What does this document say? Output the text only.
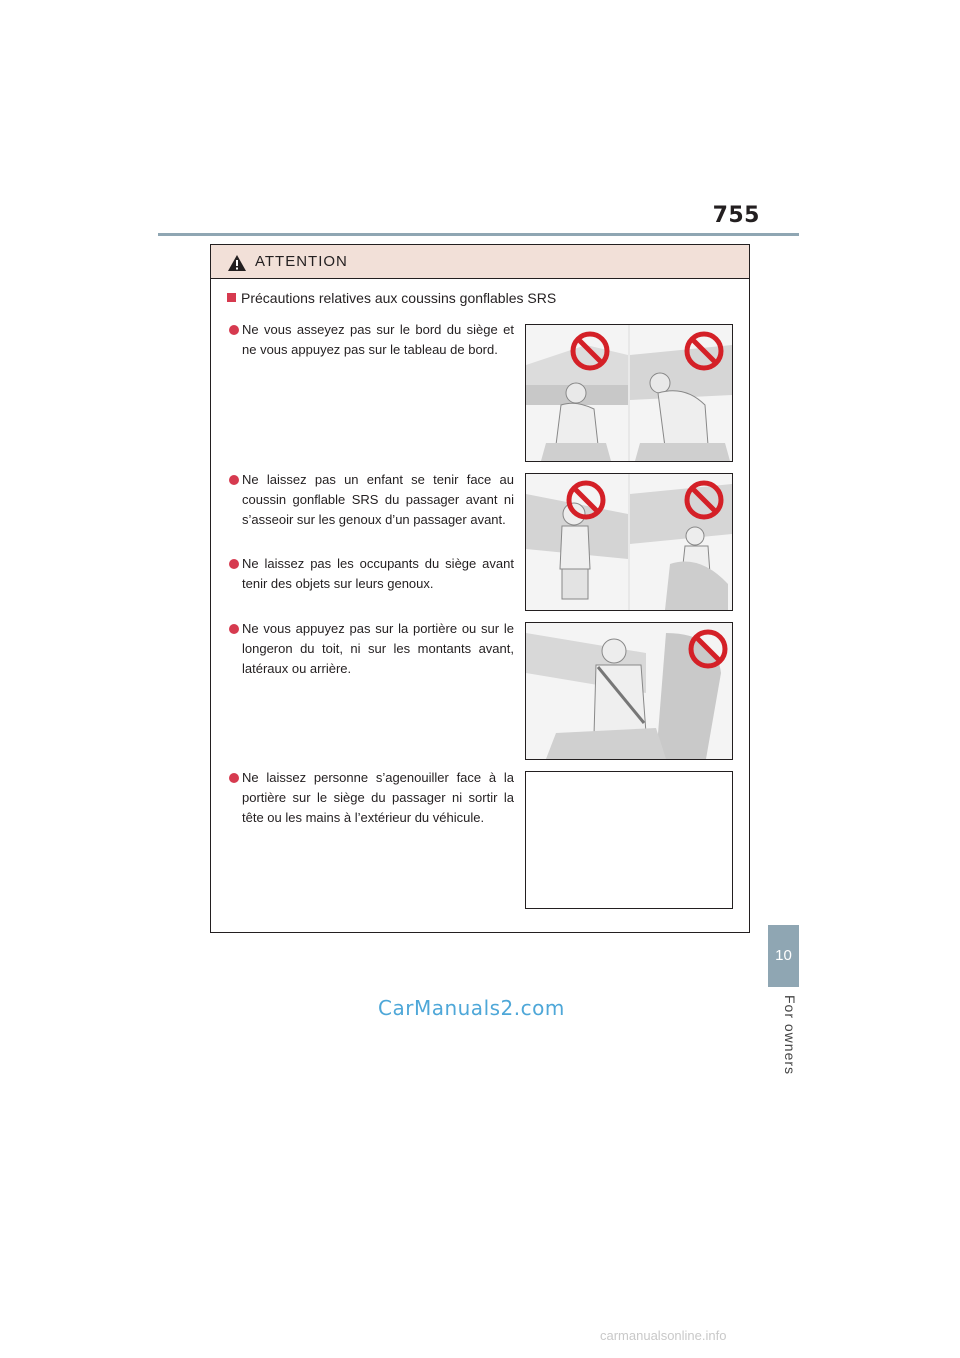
755
10
For owners
ATTENTION
Précautions relatives aux coussins gonflables SRS
Ne vous asseyez pas sur le bord du siège et ne vous appuyez pas sur le tableau de bord.
Ne laissez pas un enfant se tenir face au coussin gonflable SRS du passager avant ni s’asseoir sur les genoux d’un passager avant.
Ne laissez pas les occupants du siège avant tenir des objets sur leurs genoux.
Ne vous appuyez pas sur la portière ou sur le longeron du toit, ni sur les montants avant, latéraux ou arrière.
Ne laissez personne s’agenouiller face à la portière sur le siège du passager ni sortir la tête ou les mains à l’extérieur du véhicule.
CarManuals2.com
carmanualsonline.info
